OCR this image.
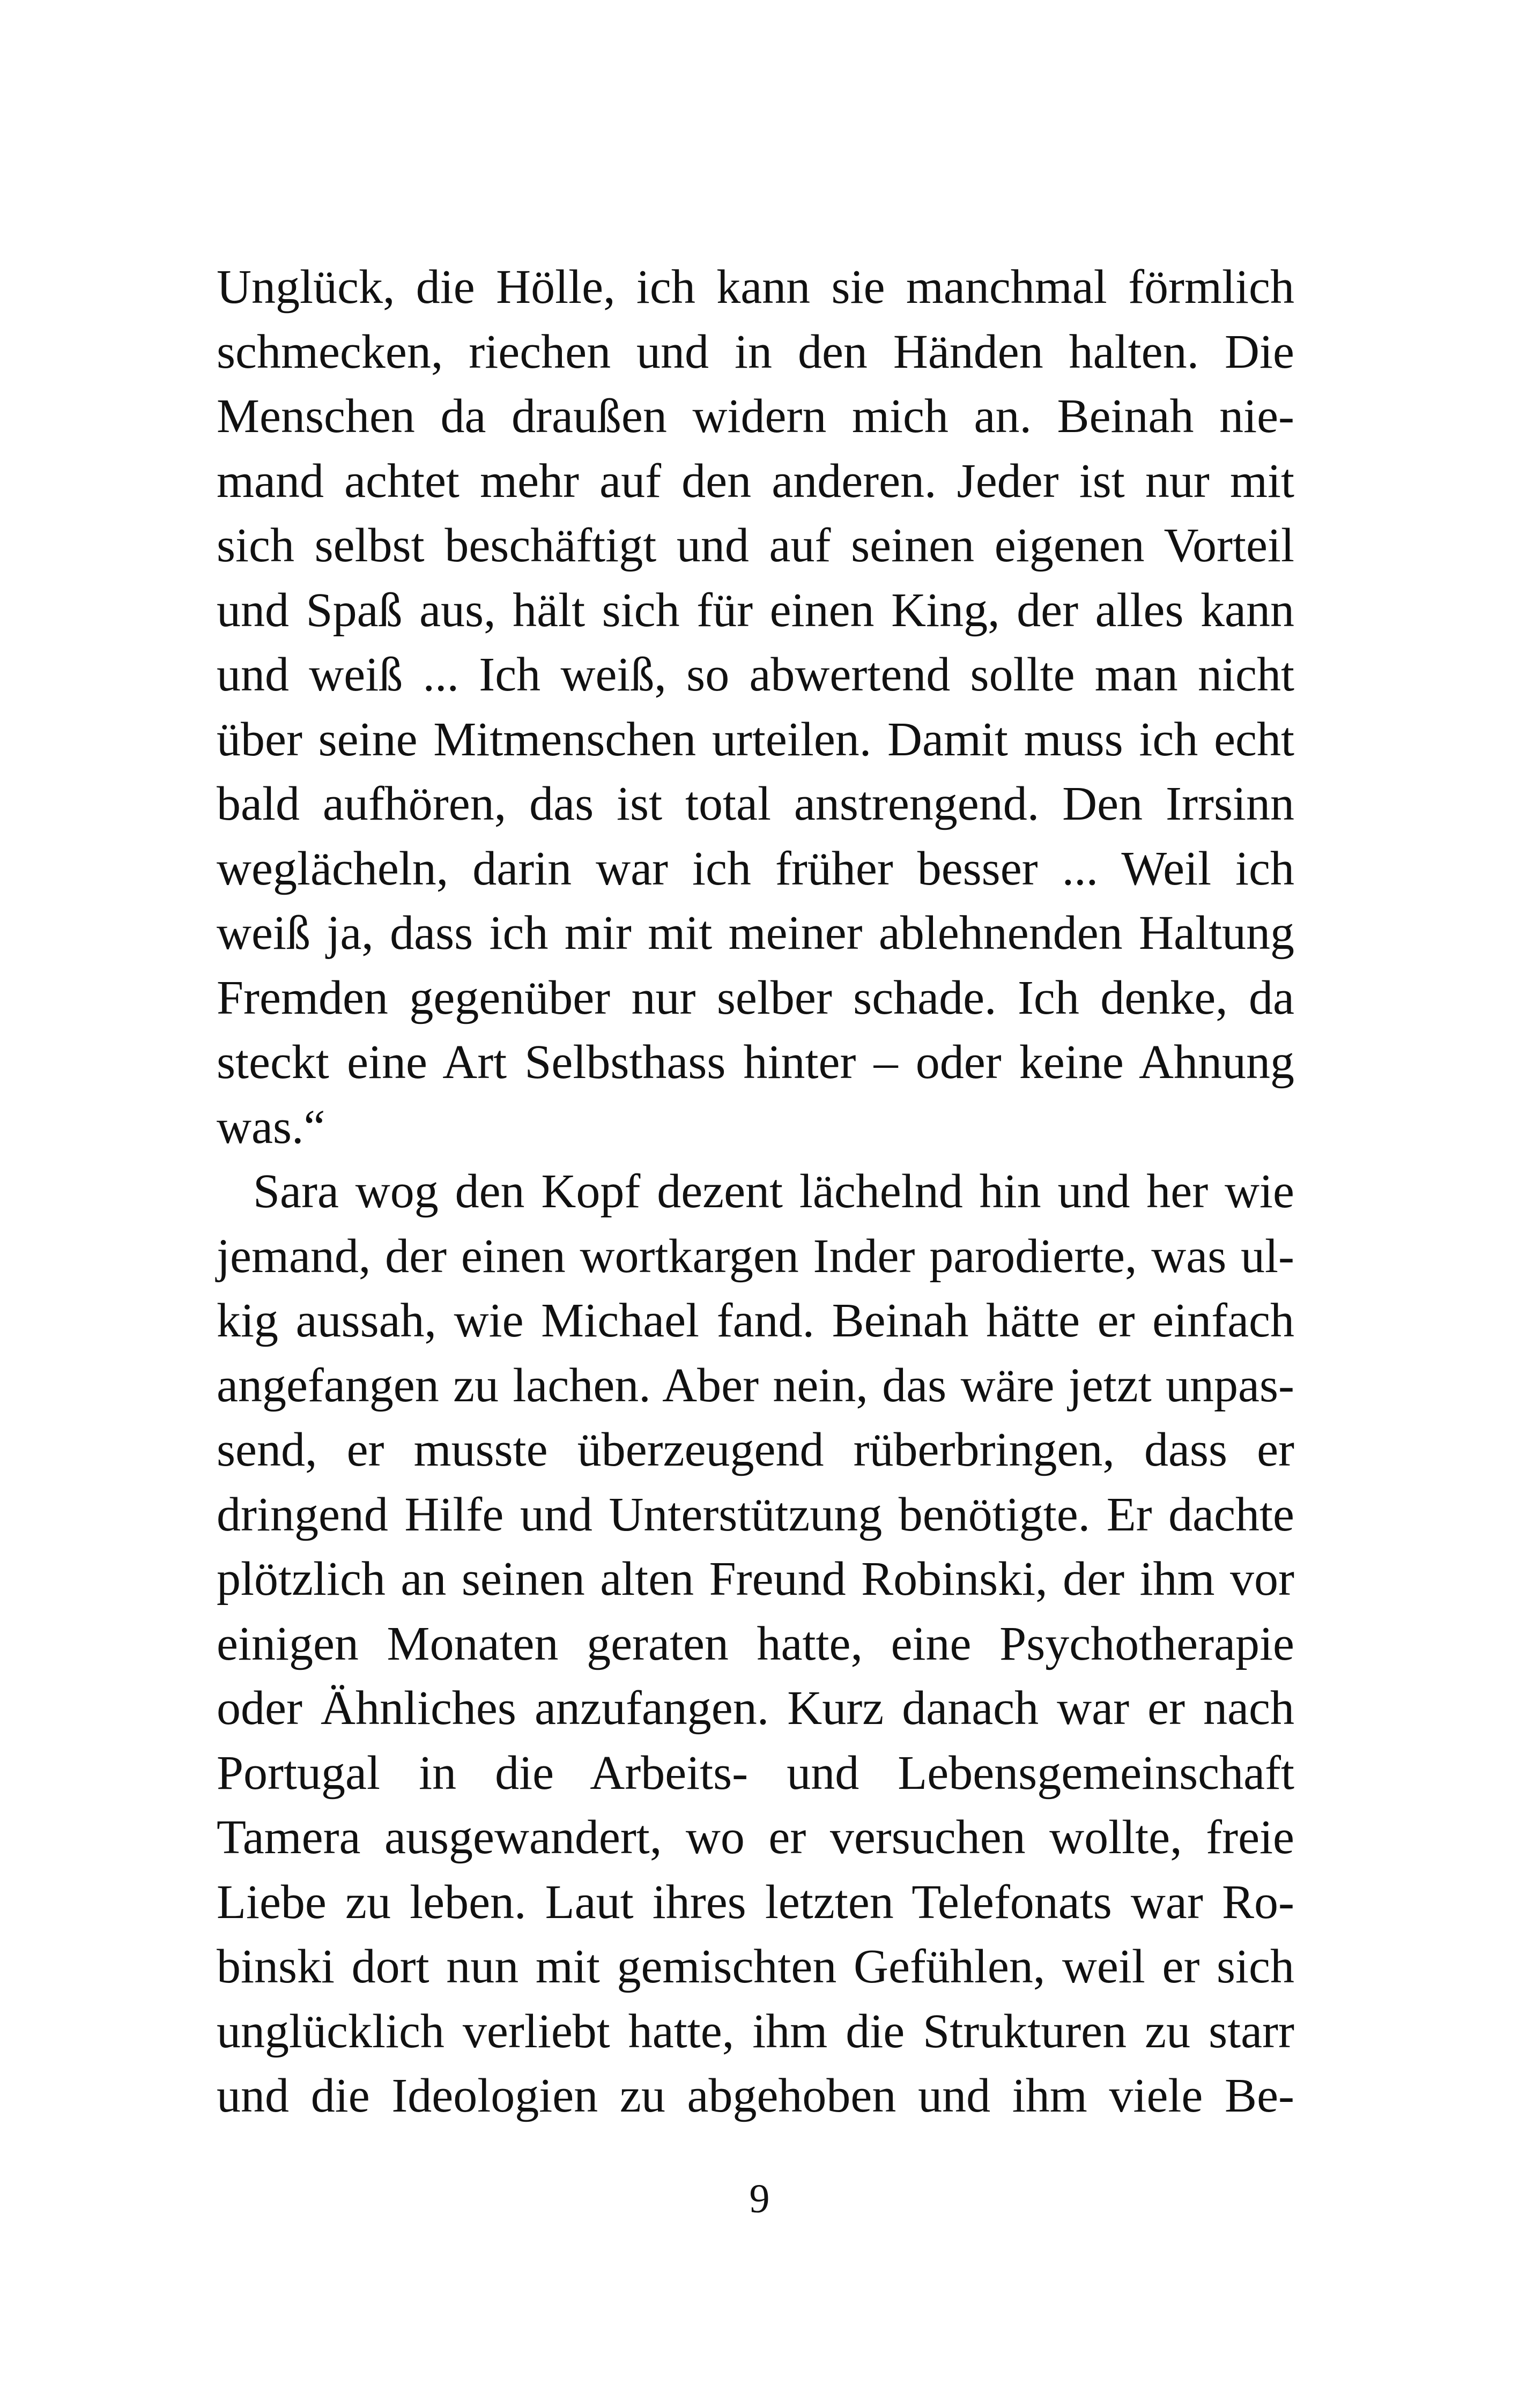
Unglück, die Hölle, ich kann sie manchmal förmlich
schmecken, riechen und in den Händen halten. Die
Menschen da draußen widern mich an. Beinah nie-
mand achtet mehr auf den anderen. Jeder ist nur mit
sich selbst beschäftigt und auf seinen eigenen Vorteil
und Spaß aus, hält sich für einen King, der alles kann
und weiß ... Ich weiß, so abwertend sollte man nicht
über seine Mitmenschen urteilen. Damit muss ich echt
bald aufhören, das ist total anstrengend. Den Irrsinn
weglächeln, darin war ich früher besser ... Weil ich
weiß ja, dass ich mir mit meiner ablehnenden Haltung
Fremden gegenüber nur selber schade. Ich denke, da
steckt eine Art Selbsthass hinter – oder keine Ahnung
was.“
Sara wog den Kopf dezent lächelnd hin und her wie
jemand, der einen wortkargen Inder parodierte, was ul-
kig aussah, wie Michael fand. Beinah hätte er einfach
angefangen zu lachen. Aber nein, das wäre jetzt unpas-
send, er musste überzeugend rüberbringen, dass er
dringend Hilfe und Unterstützung benötigte. Er dachte
plötzlich an seinen alten Freund Robinski, der ihm vor
einigen Monaten geraten hatte, eine Psychotherapie
oder Ähnliches anzufangen. Kurz danach war er nach
Portugal in die Arbeits- und Lebensgemeinschaft
Tamera ausgewandert, wo er versuchen wollte, freie
Liebe zu leben. Laut ihres letzten Telefonats war Ro-
binski dort nun mit gemischten Gefühlen, weil er sich
unglücklich verliebt hatte, ihm die Strukturen zu starr
und die Ideologien zu abgehoben und ihm viele Be-
9
